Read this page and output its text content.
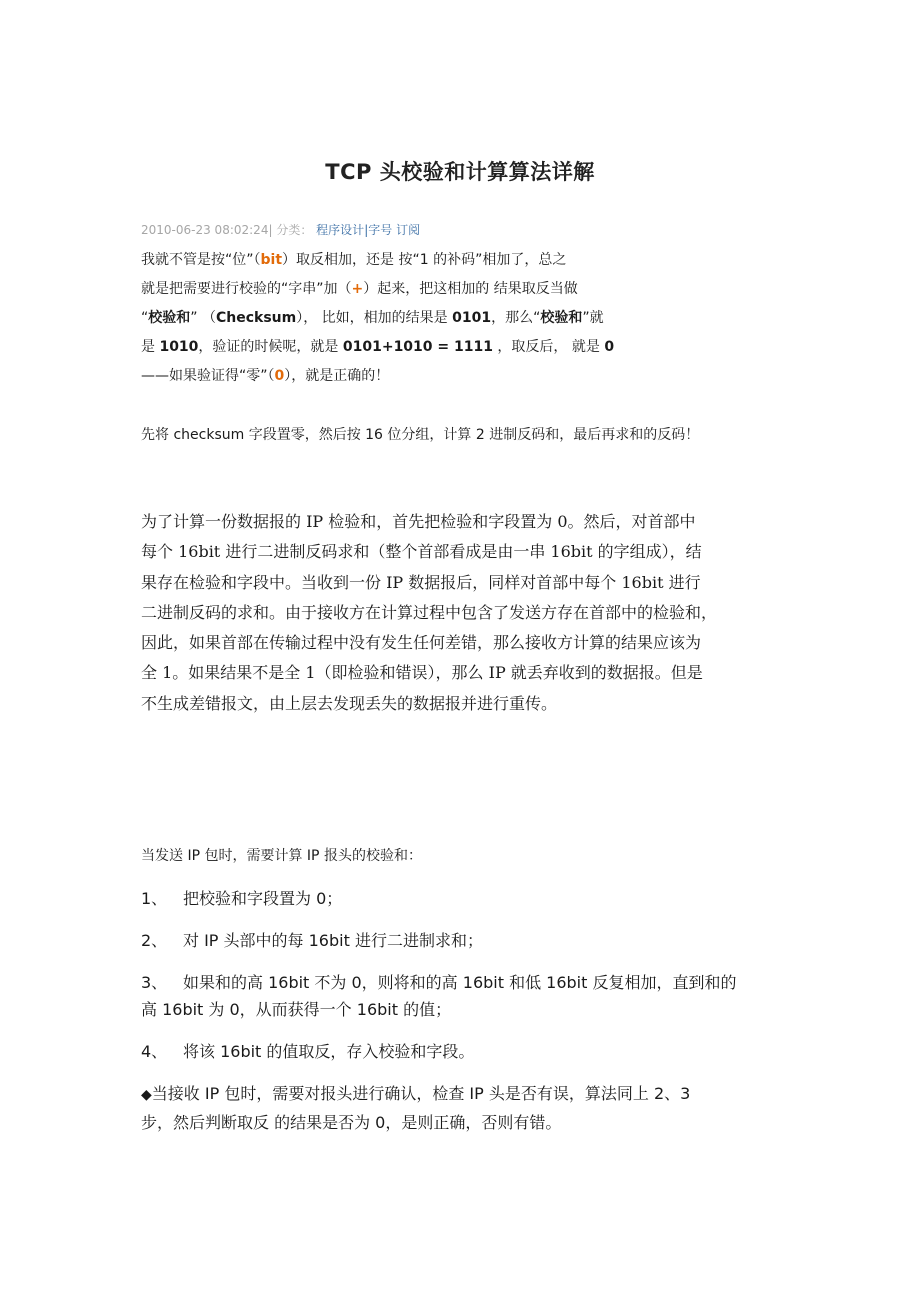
TCP 头校验和计算算法详解
2010-06-23 08:02:24| 分类： 程序设计|字号 订阅

我就不管是按“位”（bit）取反相加，还是 按“1 的补码”相加了，总之

就是把需要进行校验的“字串”加（+）起来，把这相加的 结果取反当做

“校验和” （Checksum）， 比如，相加的结果是 0101，那么“校验和”就

是 1010，验证的时候呢，就是 0101+1010 = 1111 ，取反后， 就是 0

——如果验证得“零”（0），就是正确的！

先将 checksum 字段置零，然后按 16 位分组，计算 2 进制反码和，最后再求和的反码！

为了计算一份数据报的 IP 检验和，首先把检验和字段置为 0。然后，对首部中

每个 16bit 进行二进制反码求和（整个首部看成是由一串 16bit 的字组成），结

果存在检验和字段中。当收到一份 IP 数据报后，同样对首部中每个 16bit 进行

二进制反码的求和。由于接收方在计算过程中包含了发送方存在首部中的检验和，

因此，如果首部在传输过程中没有发生任何差错，那么接收方计算的结果应该为

全 1。如果结果不是全 1（即检验和错误），那么 IP 就丢弃收到的数据报。但是

不生成差错报文，由上层去发现丢失的数据报并进行重传。

当发送 IP 包时，需要计算 IP 报头的校验和：

1、 把校验和字段置为 0；

2、 对 IP 头部中的每 16bit 进行二进制求和；

3、 如果和的高 16bit 不为 0，则将和的高 16bit 和低 16bit 反复相加，直到和的

高 16bit 为 0，从而获得一个 16bit 的值；

4、 将该 16bit 的值取反，存入校验和字段。

◆当接收 IP 包时，需要对报头进行确认，检查 IP 头是否有误，算法同上 2、3

步，然后判断取反 的结果是否为 0，是则正确，否则有错。
